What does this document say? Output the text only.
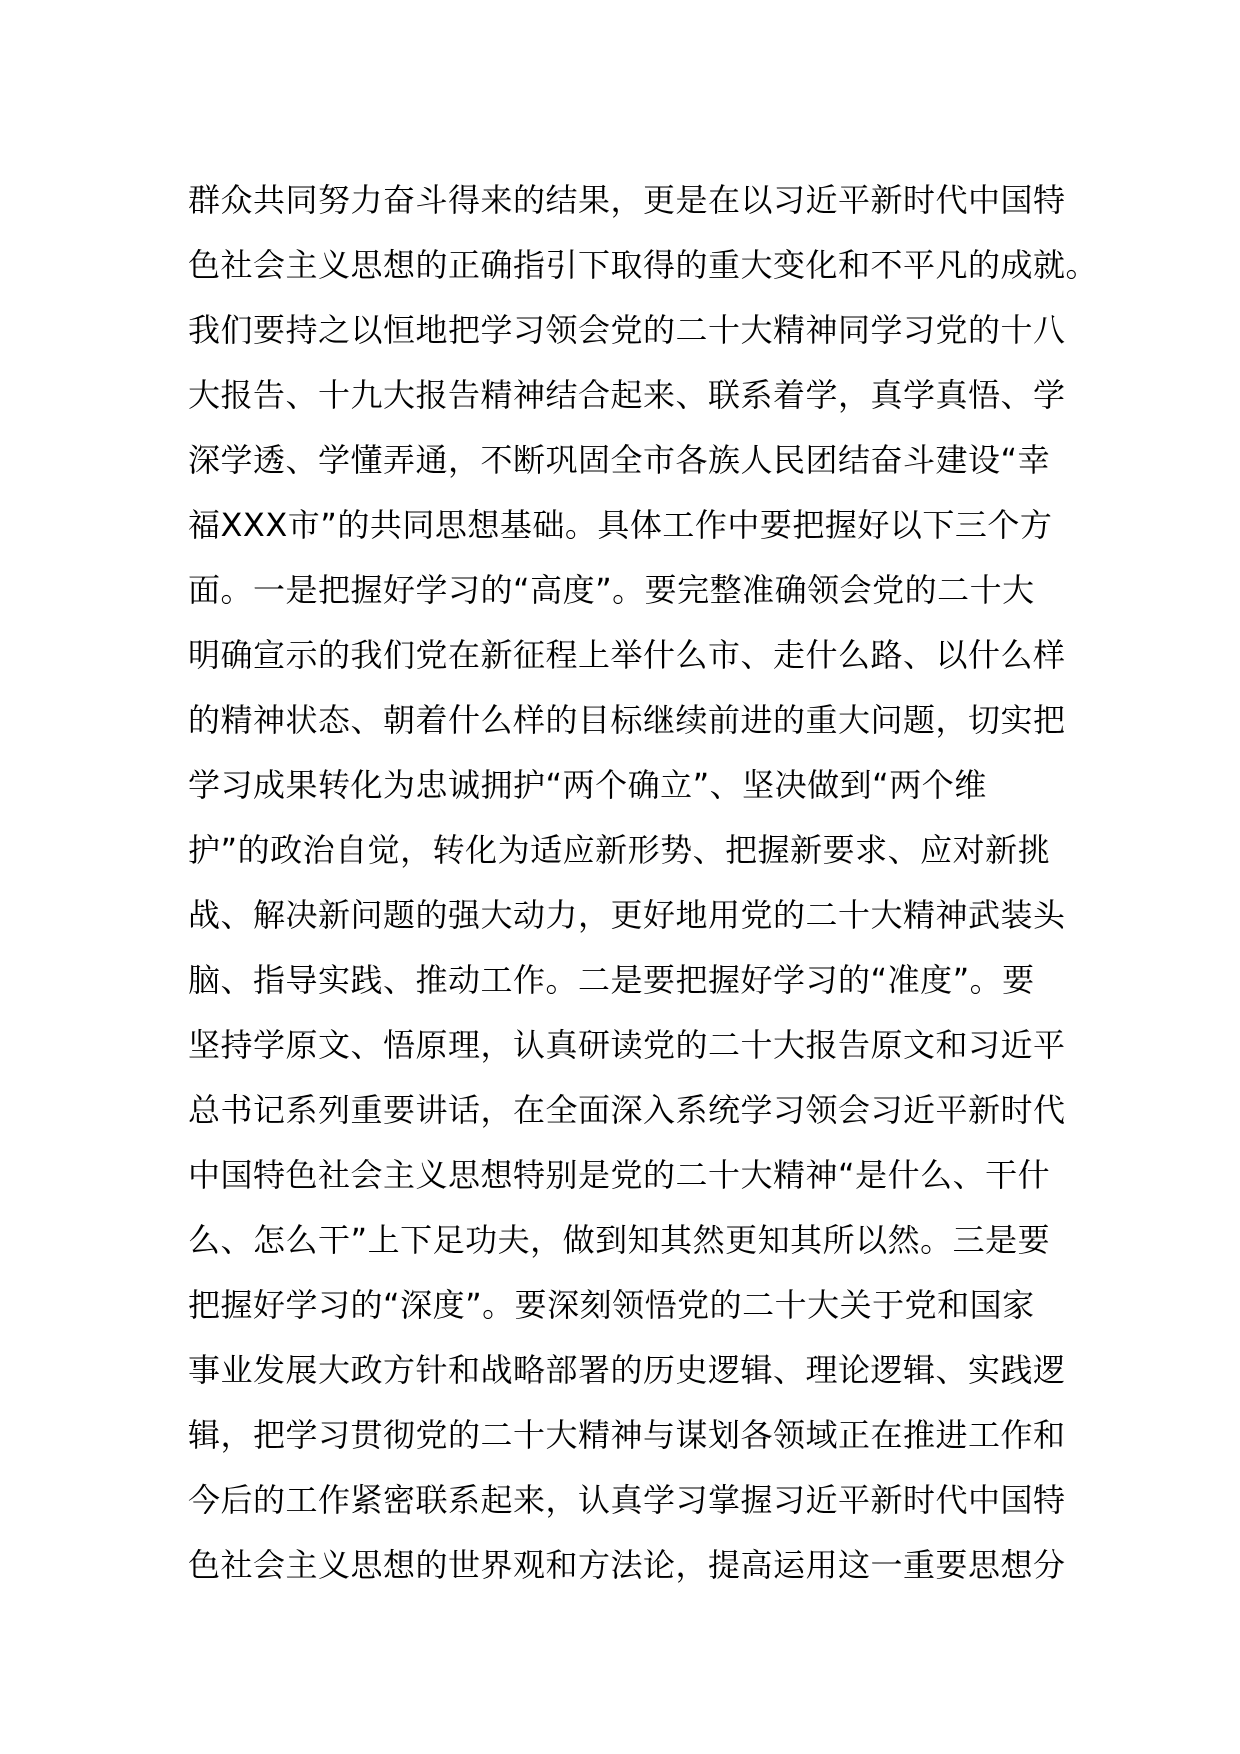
群众共同努力奋斗得来的结果，更是在以习近平新时代中国特
色社会主义思想的正确指引下取得的重大变化和不平凡的成就。
我们要持之以恒地把学习领会党的二十大精神同学习党的十八
大报告、十九大报告精神结合起来、联系着学，真学真悟、学
深学透、学懂弄通，不断巩固全市各族人民团结奋斗建设“幸
福XXX市”的共同思想基础。具体工作中要把握好以下三个方
面。一是把握好学习的“高度”。要完整准确领会党的二十大
明确宣示的我们党在新征程上举什么市、走什么路、以什么样
的精神状态、朝着什么样的目标继续前进的重大问题，切实把
学习成果转化为忠诚拥护“两个确立”、坚决做到“两个维
护”的政治自觉，转化为适应新形势、把握新要求、应对新挑
战、解决新问题的强大动力，更好地用党的二十大精神武装头
脑、指导实践、推动工作。二是要把握好学习的“准度”。要
坚持学原文、悟原理，认真研读党的二十大报告原文和习近平
总书记系列重要讲话，在全面深入系统学习领会习近平新时代
中国特色社会主义思想特别是党的二十大精神“是什么、干什
么、怎么干”上下足功夫，做到知其然更知其所以然。三是要
把握好学习的“深度”。要深刻领悟党的二十大关于党和国家
事业发展大政方针和战略部署的历史逻辑、理论逻辑、实践逻
辑，把学习贯彻党的二十大精神与谋划各领域正在推进工作和
今后的工作紧密联系起来，认真学习掌握习近平新时代中国特
色社会主义思想的世界观和方法论，提高运用这一重要思想分
